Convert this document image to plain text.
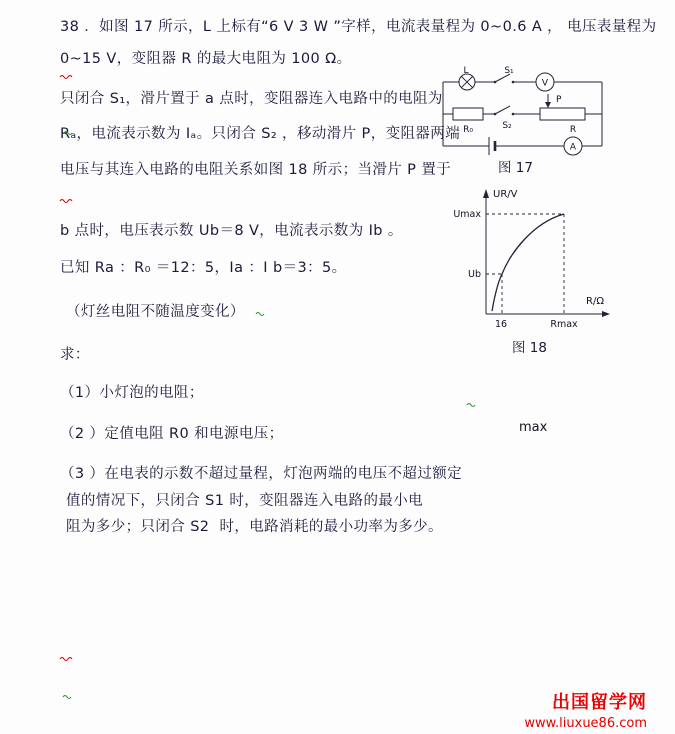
38 ．如图 17 所示，L 上标有“6 V 3 W ”字样，电流表量程为 0~0.6 A ， 电压表量程为
0~15 V，变阻器 R 的最大电阻为 100 Ω。
只闭合 S₁，滑片置于 a 点时，变阻器连入电路中的电阻为
Rₐ，电流表示数为 Iₐ。只闭合 S₂ ，移动滑片 P，变阻器两端
电压与其连入电路的电阻关系如图 18 所示；当滑片 P 置于
b 点时，电压表示数 Ub＝8 V，电流表示数为 Ib 。
已知 Ra ：R₀ ＝12：5，Ia ：I b＝3：5。
（灯丝电阻不随温度变化）
求：
（1）小灯泡的电阻；
（2 ）定值电阻 R0 和电源电压；
（3 ）在电表的示数不超过量程，灯泡两端的电压不超过额定
值的情况下，只闭合 S1 时，变阻器连入电路的最小电
阻为多少；只闭合 S2  时，电路消耗的最小功率为多少。
max
L	S₁
V
P
R₀	S₂	R
A
图 17
UR/V
R/Ω
Umax
Rmax
Ub
16
图 18
出国留学网
www.liuxue86.com
